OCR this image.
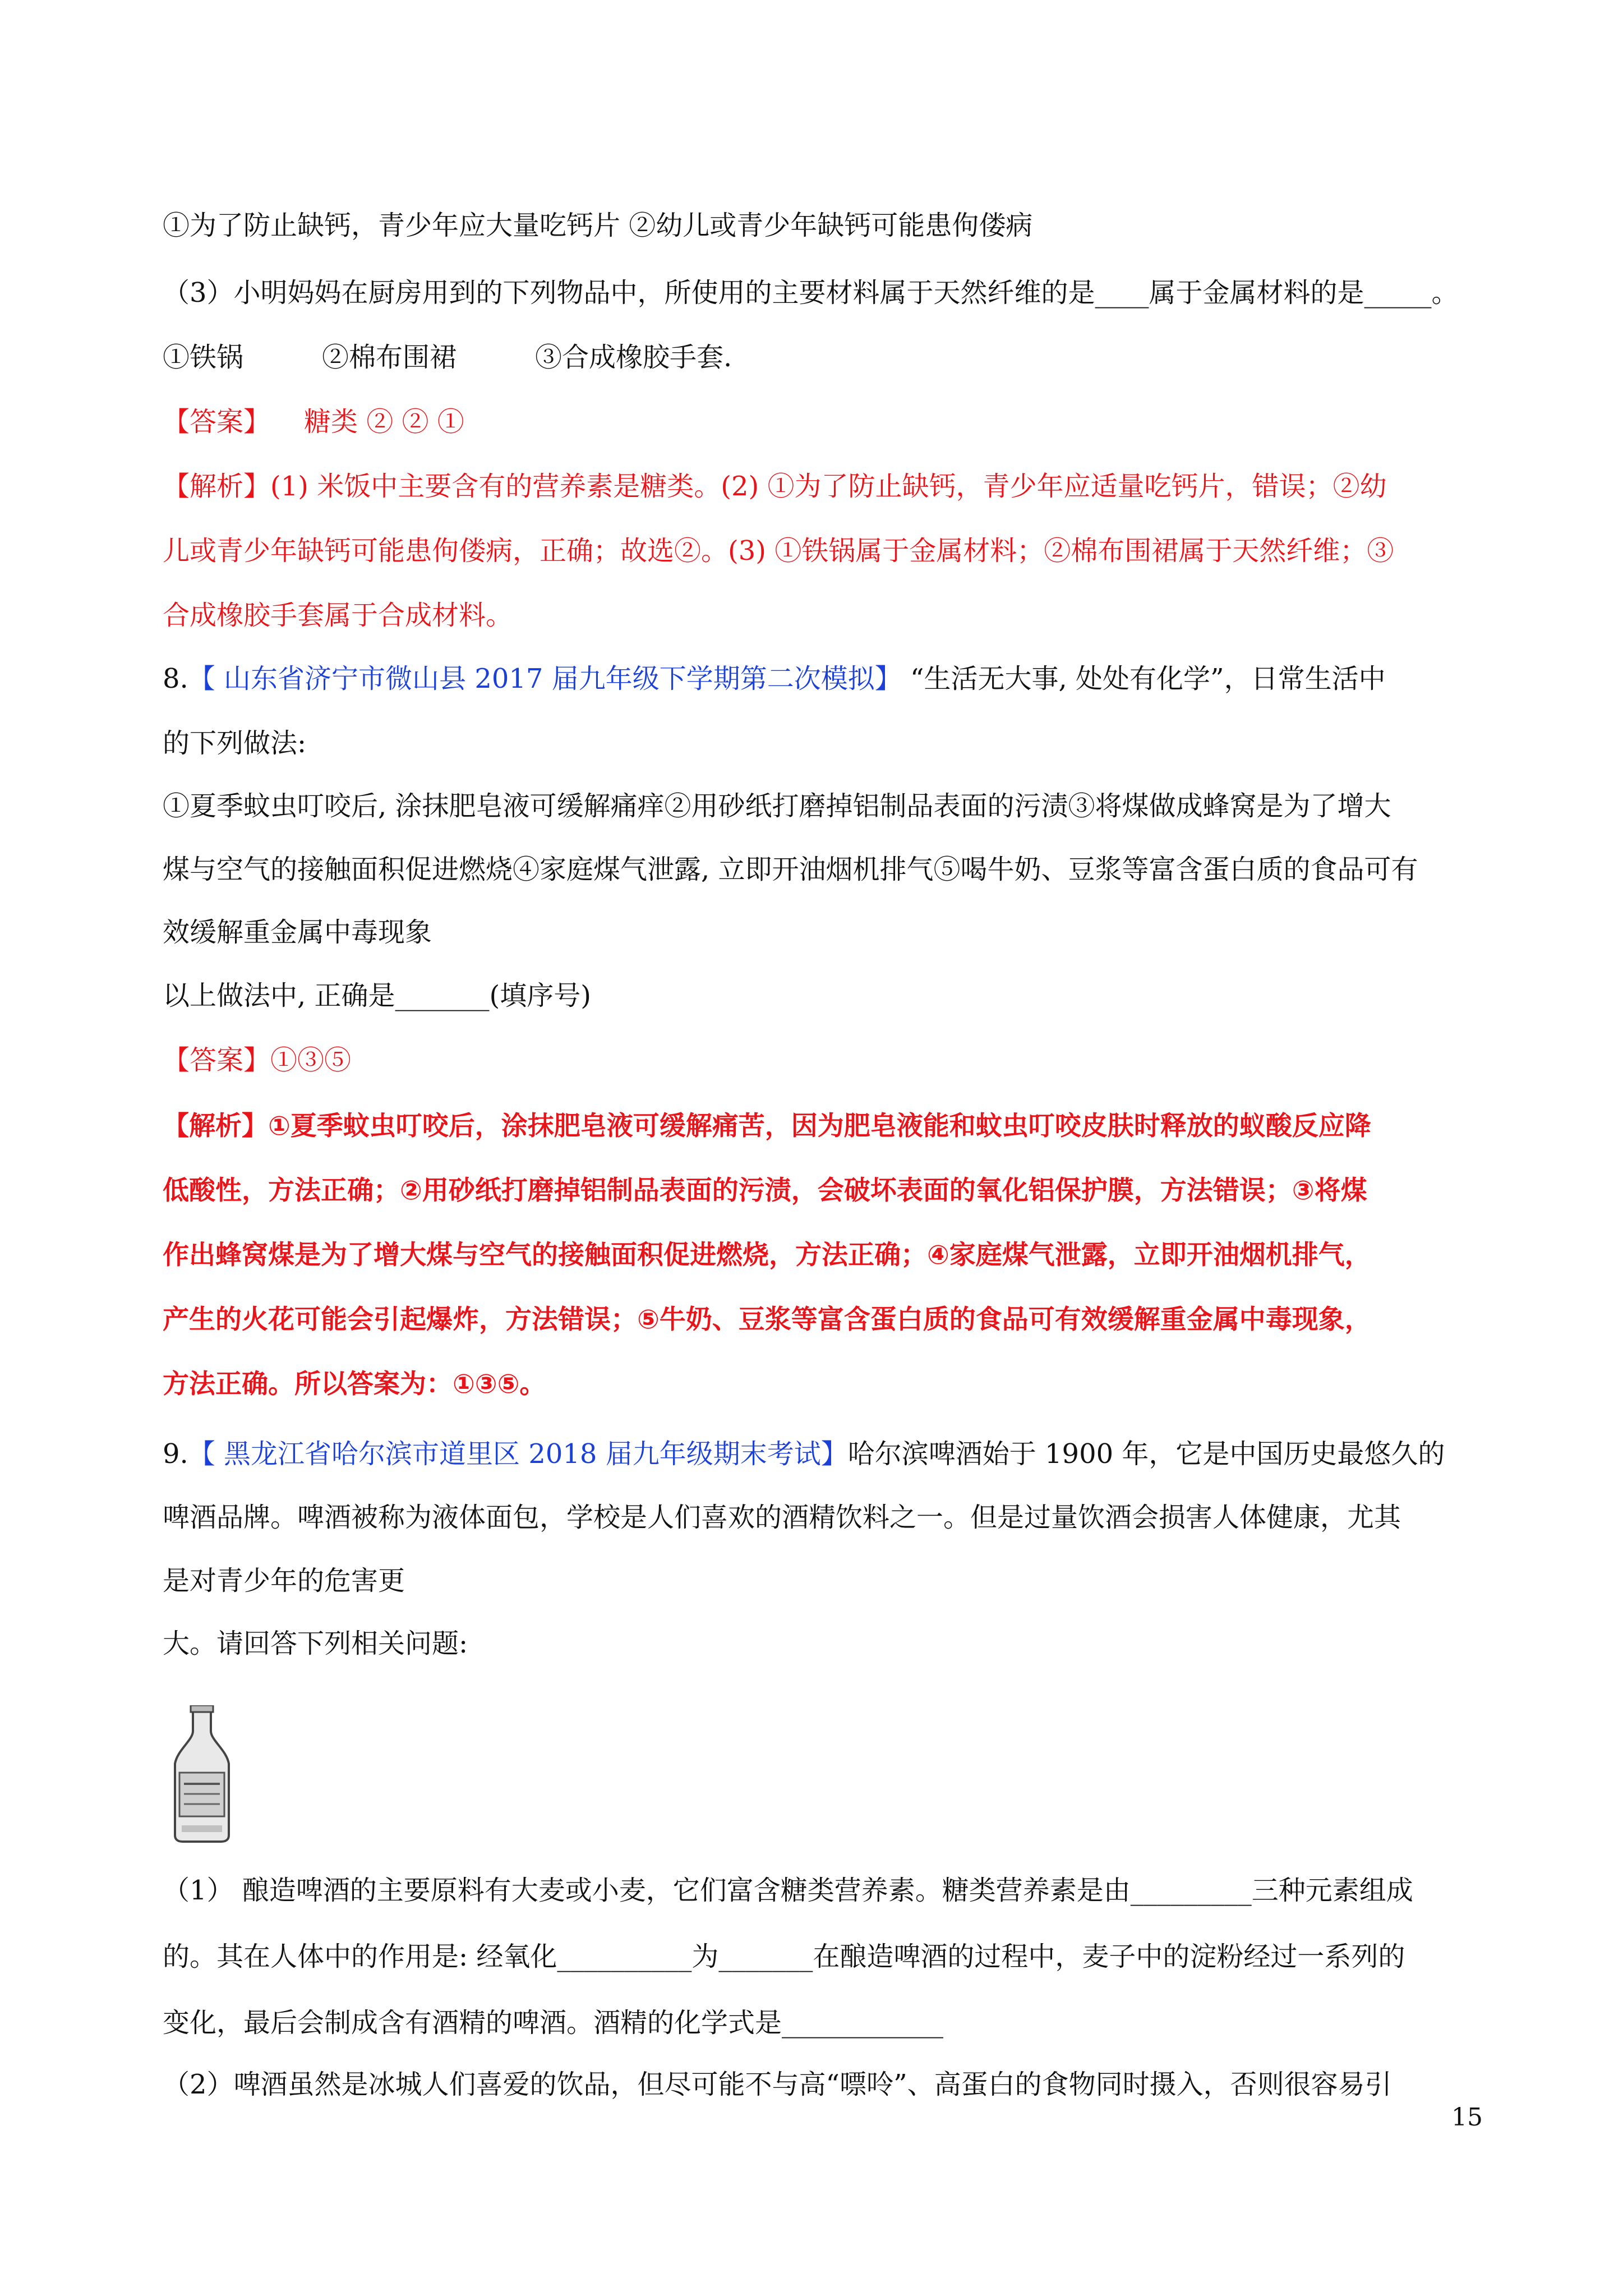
①为了防止缺钙，青少年应大量吃钙片 ②幼儿或青少年缺钙可能患佝偻病
（3）小明妈妈在厨房用到的下列物品中，所使用的主要材料属于天然纤维的是____属于金属材料的是_____。
①铁锅	②棉布围裙	③合成橡胶手套.
【答案】 糖类 ② ② ①
【解析】(1) 米饭中主要含有的营养素是糖类。(2) ①为了防止缺钙，青少年应适量吃钙片，错误；②幼
儿或青少年缺钙可能患佝偻病，正确；故选②。(3) ①铁锅属于金属材料；②棉布围裙属于天然纤维；③
合成橡胶手套属于合成材料。
8.【 山东省济宁市微山县 2017 届九年级下学期第二次模拟】 “生活无大事, 处处有化学”，日常生活中
的下列做法:
①夏季蚊虫叮咬后, 涂抹肥皂液可缓解痛痒②用砂纸打磨掉铝制品表面的污渍③将煤做成蜂窝是为了增大
煤与空气的接触面积促进燃烧④家庭煤气泄露, 立即开油烟机排气⑤喝牛奶、豆浆等富含蛋白质的食品可有
效缓解重金属中毒现象
以上做法中, 正确是_______(填序号)
【答案】①③⑤
【解析】①夏季蚊虫叮咬后，涂抹肥皂液可缓解痛苦，因为肥皂液能和蚊虫叮咬皮肤时释放的蚁酸反应降
低酸性，方法正确；②用砂纸打磨掉铝制品表面的污渍，会破坏表面的氧化铝保护膜，方法错误；③将煤
作出蜂窝煤是为了增大煤与空气的接触面积促进燃烧，方法正确；④家庭煤气泄露，立即开油烟机排气，
产生的火花可能会引起爆炸，方法错误；⑤牛奶、豆浆等富含蛋白质的食品可有效缓解重金属中毒现象，
方法正确。所以答案为：①③⑤。
9.【 黑龙江省哈尔滨市道里区 2018 届九年级期末考试】哈尔滨啤酒始于 1900 年，它是中国历史最悠久的
啤酒品牌。啤酒被称为液体面包，学校是人们喜欢的酒精饮料之一。但是过量饮酒会损害人体健康，尤其
是对青少年的危害更
大。请回答下列相关问题:
（1） 酿造啤酒的主要原料有大麦或小麦，它们富含糖类营养素。糖类营养素是由_________三种元素组成
的。其在人体中的作用是: 经氧化__________为_______在酿造啤酒的过程中，麦子中的淀粉经过一系列的
变化，最后会制成含有酒精的啤酒。酒精的化学式是____________
（2）啤酒虽然是冰城人们喜爱的饮品，但尽可能不与高“嘌呤”、高蛋白的食物同时摄入，否则很容易引
15
